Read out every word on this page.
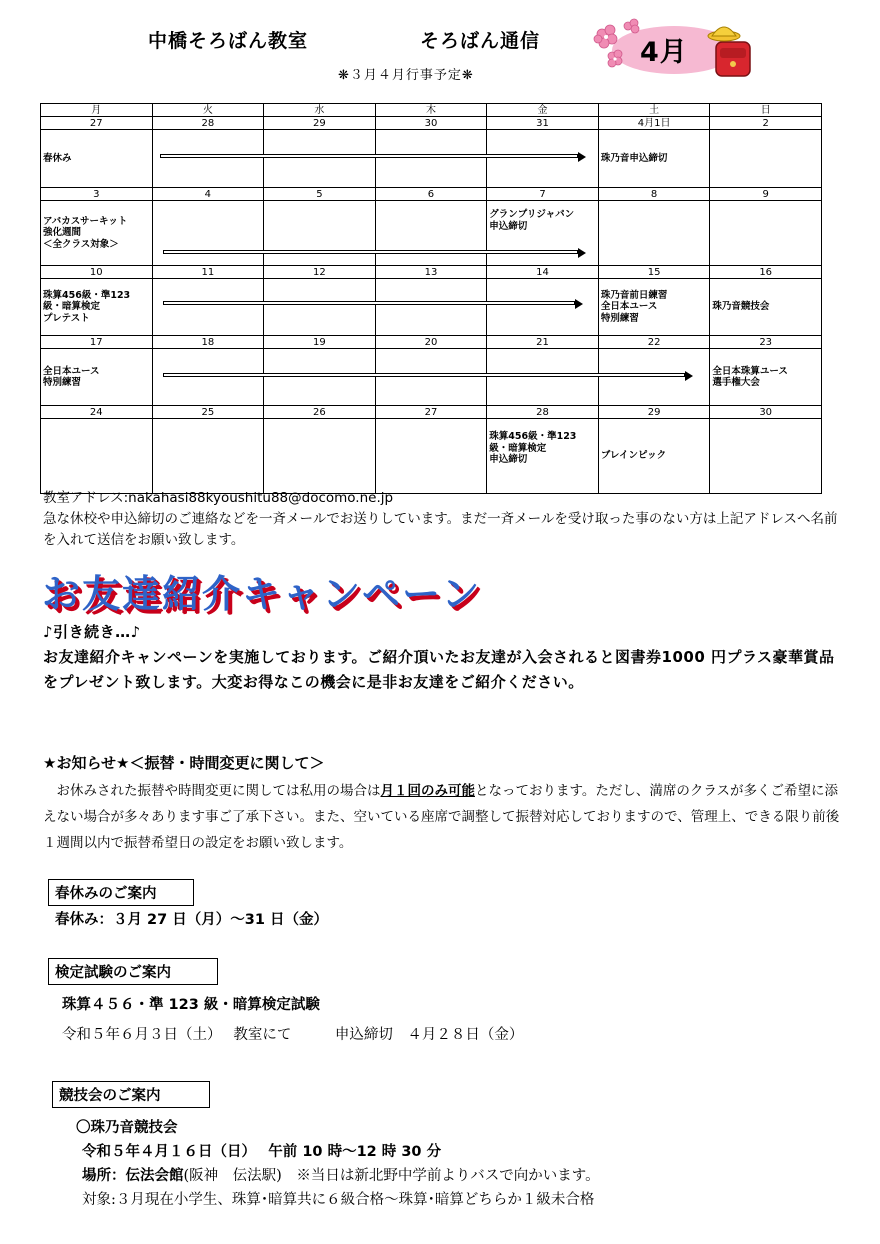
中橋そろばん教室	そろばん通信
❋３月４月行事予定❋
4月
月	火	水	木	金	土	日
27	28	29	30	31	4月1日	2
春休み					珠乃音申込締切	
3	4	5	6	7	8	9
アバカスサーキット
強化週間
＜全クラス対象＞				グランプリジャパン
申込締切		
10	11	12	13	14	15	16
珠算456級・準123
級・暗算検定
プレテスト					珠乃音前日練習
全日本ユース
特別練習	珠乃音競技会
17	18	19	20	21	22	23
全日本ユース
特別練習						全日本珠算ユース
選手権大会
24	25	26	27	28	29	30
				珠算456級・準123
級・暗算検定
申込締切	ブレインピック	
教室アドレス:nakahasi88kyoushitu88@docomo.ne.jp
急な休校や申込締切のご連絡などを一斉メールでお送りしています。まだ一斉メールを受け取った事のない方は上記アドレスへ名前を入れて送信をお願い致します。
お友達紹介キャンペーン
♪引き続き…♪
お友達紹介キャンペーンを実施しております。ご紹介頂いたお友達が入会されると図書券1000 円プラス豪華賞品をプレゼント致します。大変お得なこの機会に是非お友達をご紹介ください。
★お知らせ★＜振替・時間変更に関して＞
お休みされた振替や時間変更に関しては私用の場合は月１回のみ可能となっております。ただし、満席のクラスが多くご希望に添えない場合が多々あります事ご了承下さい。また、空いている座席で調整して振替対応しておりますので、管理上、できる限り前後１週間以内で振替希望日の設定をお願い致します。
春休みのご案内
春休み：３月 27 日（月）～31 日（金）
検定試験のご案内
珠算４５６・準 123 級・暗算検定試験
令和５年６月３日（土）　 教室にて　　　申込締切　４月２８日（金）
競技会のご案内
〇珠乃音競技会
令和５年４月１６日（日）　 午前 10 時～12 時 30 分
場所：伝法会館(阪神　伝法駅)　※当日は新北野中学前よりバスで向かいます。
対象:３月現在小学生、珠算･暗算共に６級合格～珠算･暗算どちらか１級未合格
